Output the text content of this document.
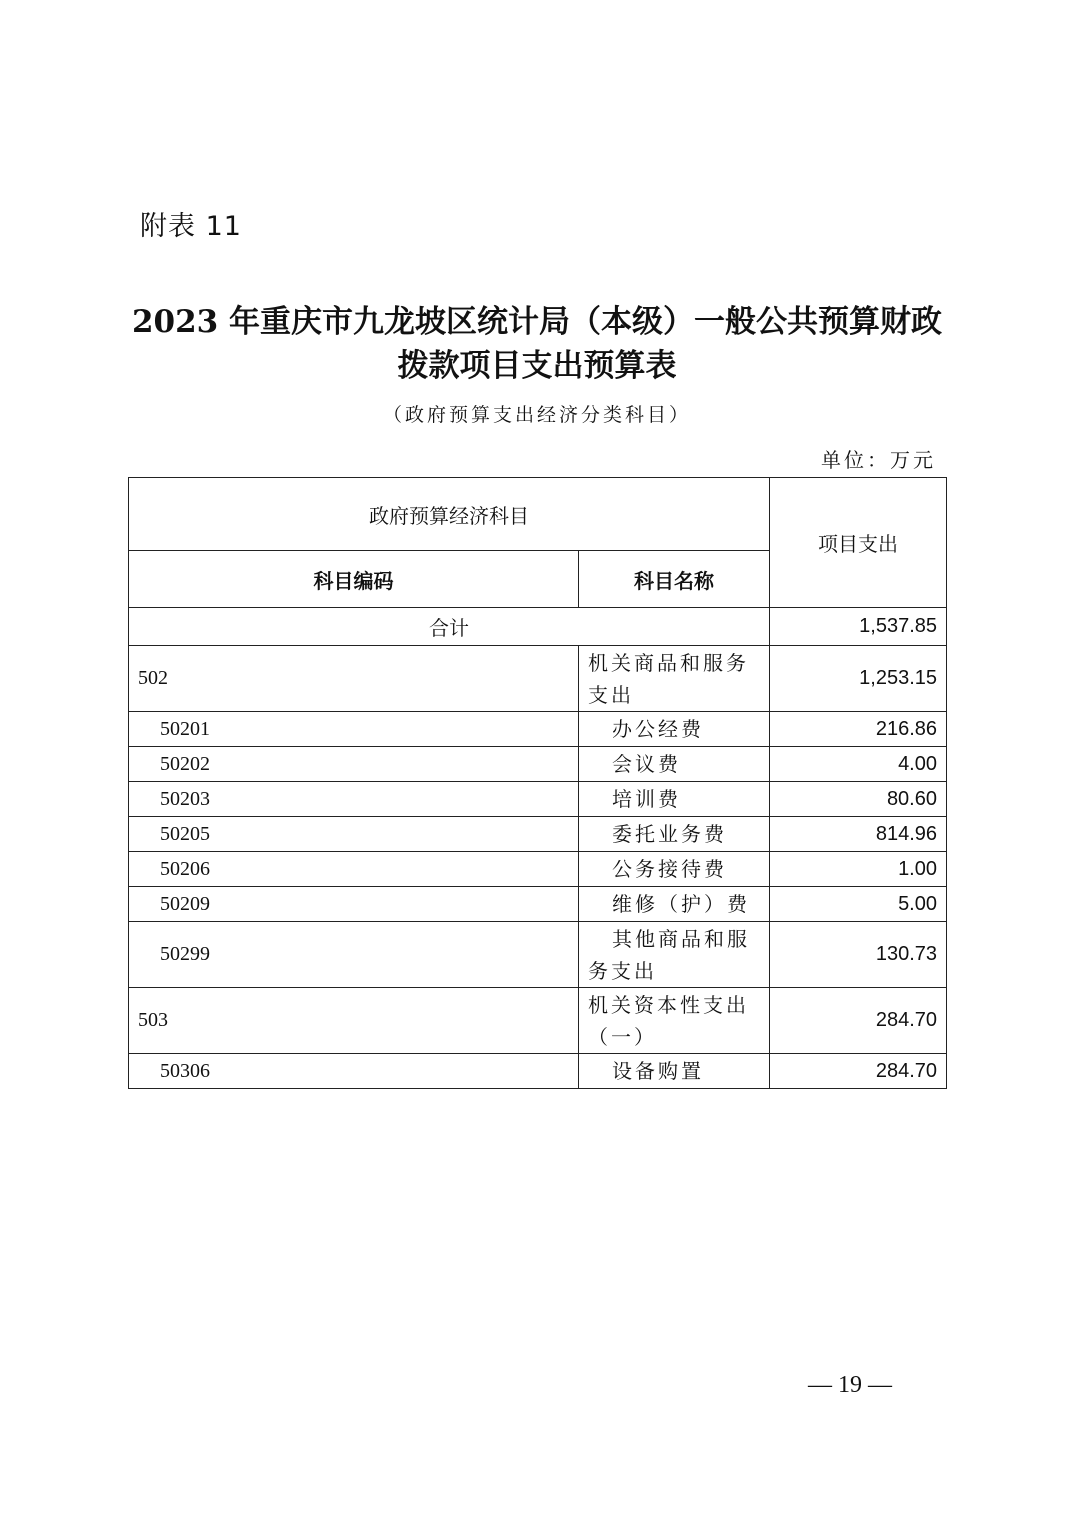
附表 11
2023 年重庆市九龙坡区统计局（本级）一般公共预算财政
拨款项目支出预算表
（政府预算支出经济分类科目）
单位：万元
政府预算经济科目		项目支出
科目编码	科目名称	
合计		1,537.85
502	机关商品和服务支出	1,253.15
50201	办公经费	216.86
50202	会议费	4.00
50203	培训费	80.60
50205	委托业务费	814.96
50206	公务接待费	1.00
50209	维修（护）费	5.00
50299	其他商品和服务支出	130.73
503	机关资本性支出（一）	284.70
50306	设备购置	284.70
— 19 —
